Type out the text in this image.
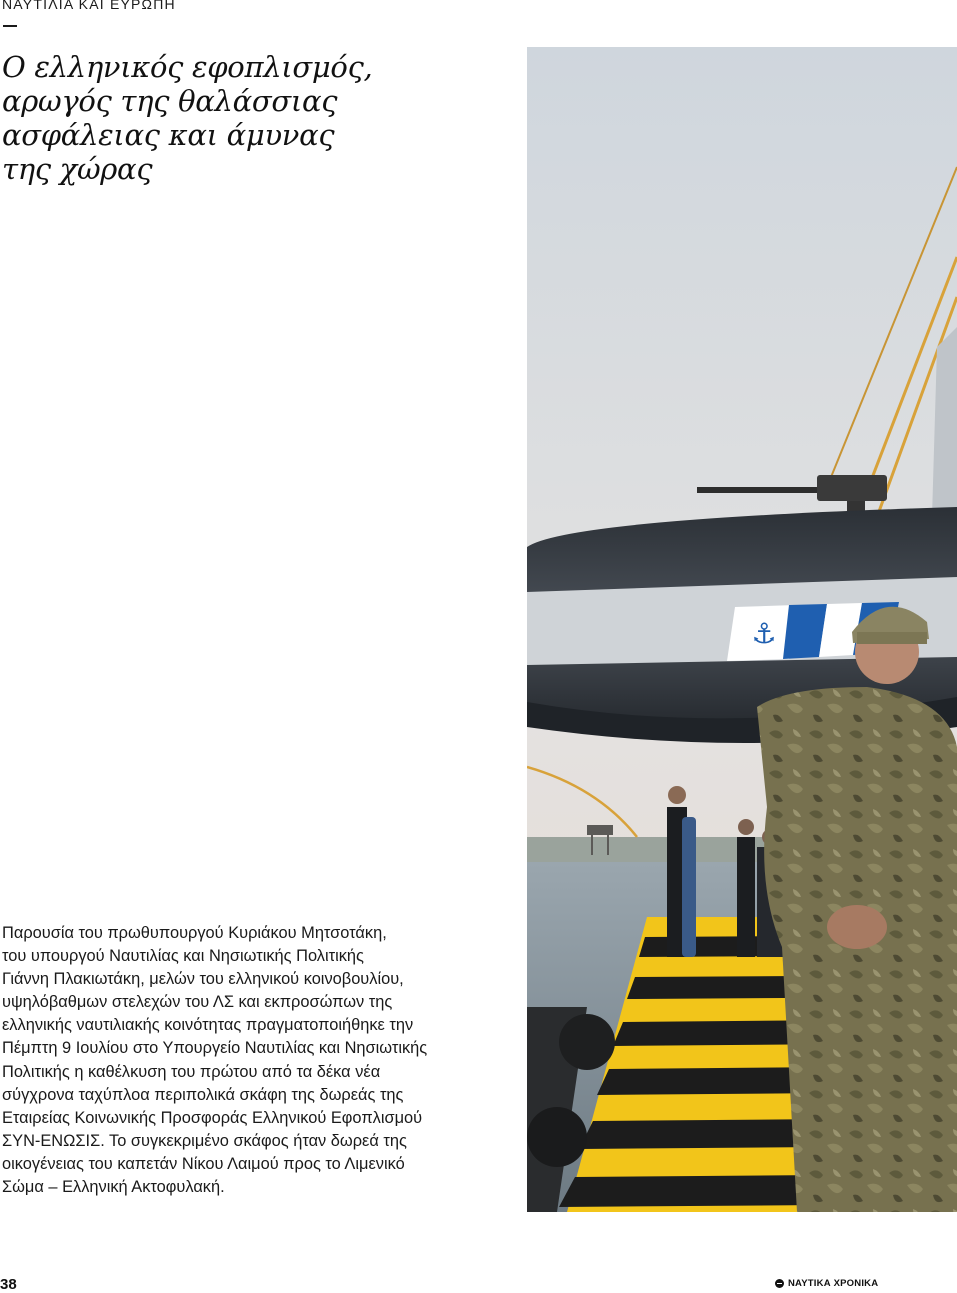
ΝΑΥΤΙΛΙΑ ΚΑΙ ΕΥΡΩΠΗ
Ο ελληνικός εφοπλισμός,
αρωγός της θαλάσσιας
ασφάλειας και άμυνας
της χώρας
⚓
Παρουσία του πρωθυπουργού Κυριάκου Μητσοτάκη,
του υπουργού Ναυτιλίας και Νησιωτικής Πολιτικής
Γιάννη Πλακιωτάκη, μελών του ελληνικού κοινοβουλίου,
υψηλόβαθμων στελεχών του ΛΣ και εκπροσώπων της
ελληνικής ναυτιλιακής κοινότητας πραγματοποιήθηκε την
Πέμπτη 9 Ιουλίου στο Υπουργείο Ναυτιλίας και Νησιωτικής
Πολιτικής η καθέλκυση του πρώτου από τα δέκα νέα
σύγχρονα ταχύπλοα περιπολικά σκάφη της δωρεάς της
Εταιρείας Κοινωνικής Προσφοράς Ελληνικού Εφοπλισμού
ΣΥΝ-ΕΝΩΣΙΣ. Το συγκεκριμένο σκάφος ήταν δωρεά της
οικογένειας του καπετάν Νίκου Λαιμού προς το Λιμενικό
Σώμα – Ελληνική Ακτοφυλακή.
38	ΝΑΥΤΙΚΑ ΧΡΟΝΙΚΑ
